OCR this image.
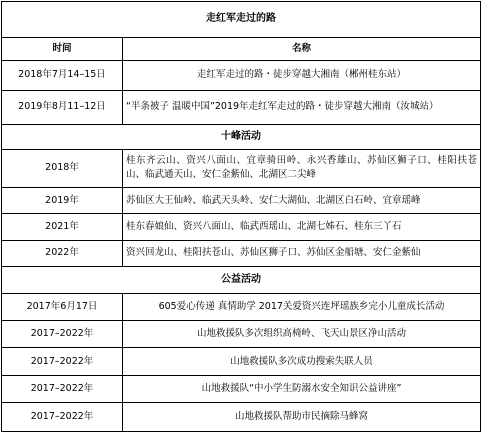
走红军走过的路	
时间	名称
2018年7月14–15日	走红军走过的路・徒步穿越大湘南（郴州桂东站）
2019年8月11–12日	“半条被子 温暖中国”2019年走红军走过的路・徒步穿越大湘南（汝城站）
十峰活动	
2018年	桂东齐云山、资兴八面山、宜章骑田岭、永兴香雄山、苏仙区狮子口、桂阳扶苍山、临武通天山、安仁金紫仙、北湖区二尖峰
2019年	苏仙区大王仙岭、临武天头岭、安仁大湖仙、北湖区白石岭、宜章瑶峰
2021年	桂东春娘仙、资兴八面山、临武西瑶山、北湖七姊石、桂东三丫石
2022年	资兴回龙山、桂阳扶苍山、苏仙区狮子口、苏仙区金船塘、安仁金紫仙
公益活动	
2017年6月17日	605爱心传递 真情助学 2017关爱资兴连坪瑶族乡完小儿童成长活动
2017–2022年	山地救援队多次组织高椅岭、飞天山景区净山活动
2017–2022年	山地救援队多次成功搜索失联人员
2017–2022年	山地救援队“中小学生防溺水安全知识公益讲座”
2017–2022年	山地救援队帮助市民摘除马蜂窝
